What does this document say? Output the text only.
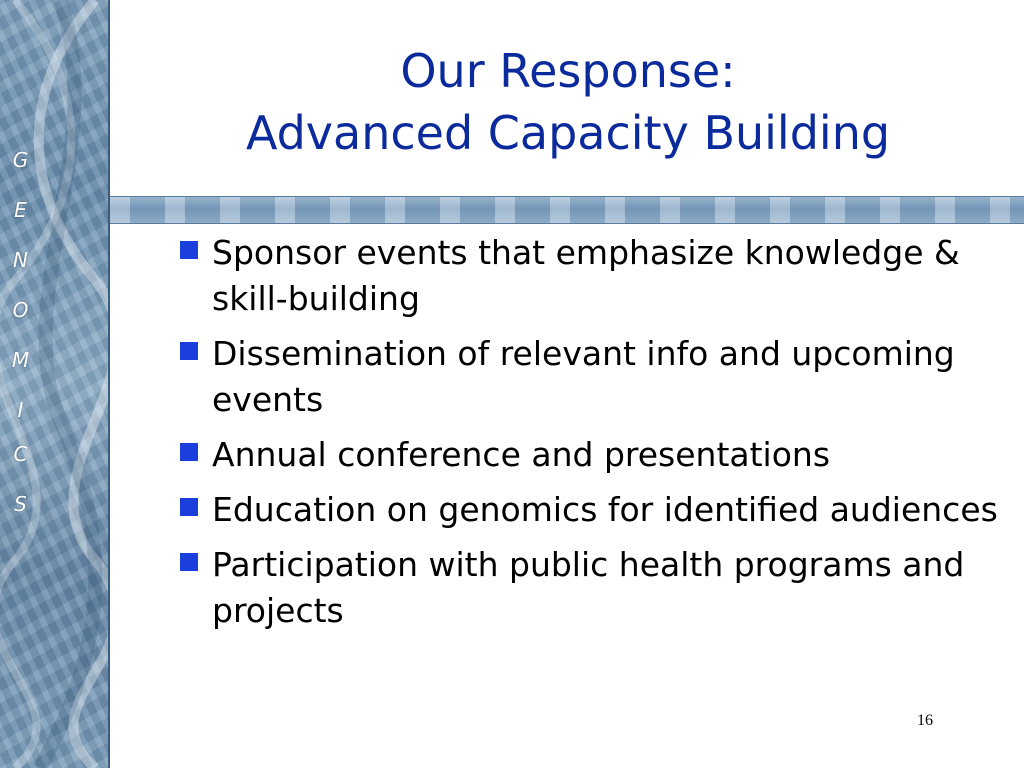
G
E
N
O
M
I
C
S
Our Response:
Advanced Capacity Building
Sponsor events that emphasize knowledge & skill-building
Dissemination of relevant info and upcoming events
Annual conference and presentations
Education on genomics for identified audiences
Participation with public health programs and projects
16
